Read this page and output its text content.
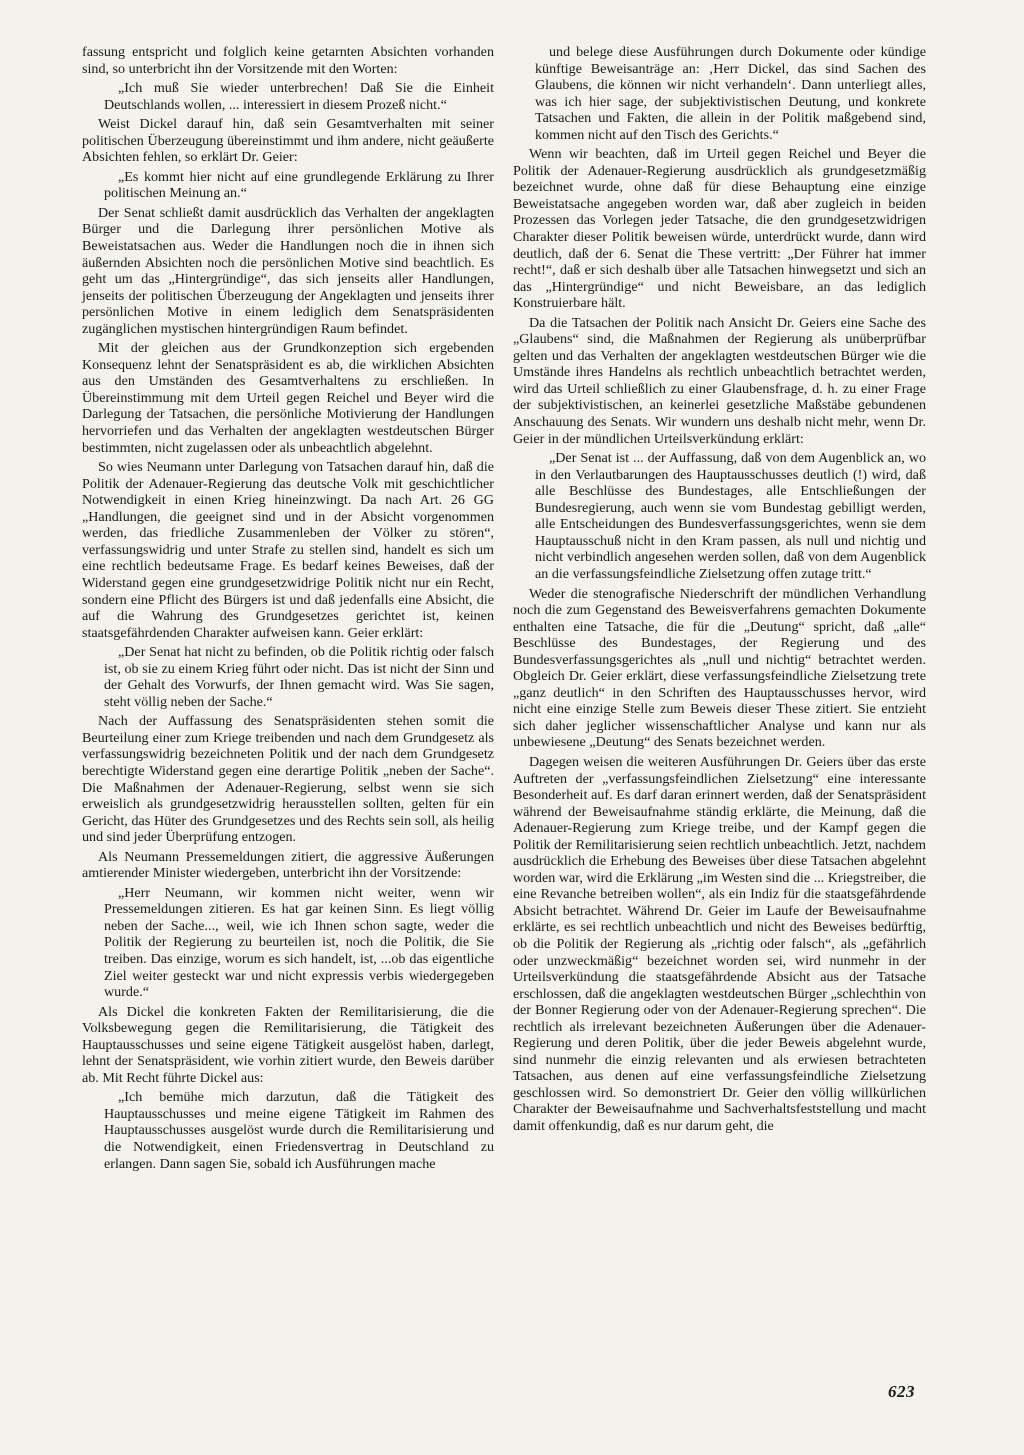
fassung entspricht und folglich keine getarnten Absichten vorhanden sind, so unterbricht ihn der Vorsitzende mit den Worten:

„Ich muß Sie wieder unterbrechen! Daß Sie die Einheit Deutschlands wollen, ... interessiert in diesem Prozeß nicht.“

Weist Dickel darauf hin, daß sein Gesamtverhalten mit seiner politischen Überzeugung übereinstimmt und ihm andere, nicht geäußerte Absichten fehlen, so erklärt Dr. Geier:

„Es kommt hier nicht auf eine grundlegende Erklärung zu Ihrer politischen Meinung an.“

Der Senat schließt damit ausdrücklich das Verhalten der angeklagten Bürger und die Darlegung ihrer persönlichen Motive als Beweistatsachen aus. Weder die Handlungen noch die in ihnen sich äußernden Absichten noch die persönlichen Motive sind beachtlich. Es geht um das „Hintergründige“, das sich jenseits aller Handlungen, jenseits der politischen Überzeugung der Angeklagten und jenseits ihrer persönlichen Motive in einem lediglich dem Senatspräsidenten zugänglichen mystischen hintergründigen Raum befindet.

Mit der gleichen aus der Grundkonzeption sich ergebenden Konsequenz lehnt der Senatspräsident es ab, die wirklichen Absichten aus den Umständen des Gesamtverhaltens zu erschließen. In Übereinstimmung mit dem Urteil gegen Reichel und Beyer wird die Darlegung der Tatsachen, die persönliche Motivierung der Handlungen hervorriefen und das Verhalten der angeklagten westdeutschen Bürger bestimmten, nicht zugelassen oder als unbeachtlich abgelehnt.

So wies Neumann unter Darlegung von Tatsachen darauf hin, daß die Politik der Adenauer-Regierung das deutsche Volk mit geschichtlicher Notwendigkeit in einen Krieg hineinzwingt. Da nach Art. 26 GG „Handlungen, die geeignet sind und in der Absicht vorgenommen werden, das friedliche Zusammenleben der Völker zu stören“, verfassungswidrig und unter Strafe zu stellen sind, handelt es sich um eine rechtlich bedeutsame Frage. Es bedarf keines Beweises, daß der Widerstand gegen eine grundgesetzwidrige Politik nicht nur ein Recht, sondern eine Pflicht des Bürgers ist und daß jedenfalls eine Absicht, die auf die Wahrung des Grundgesetzes gerichtet ist, keinen staatsgefährdenden Charakter aufweisen kann. Geier erklärt:

„Der Senat hat nicht zu befinden, ob die Politik richtig oder falsch ist, ob sie zu einem Krieg führt oder nicht. Das ist nicht der Sinn und der Gehalt des Vorwurfs, der Ihnen gemacht wird. Was Sie sagen, steht völlig neben der Sache.“

Nach der Auffassung des Senatspräsidenten stehen somit die Beurteilung einer zum Kriege treibenden und nach dem Grundgesetz als verfassungswidrig bezeichneten Politik und der nach dem Grundgesetz berechtigte Widerstand gegen eine derartige Politik „neben der Sache“. Die Maßnahmen der Adenauer-Regierung, selbst wenn sie sich erweislich als grundgesetzwidrig herausstellen sollten, gelten für ein Gericht, das Hüter des Grundgesetzes und des Rechts sein soll, als heilig und sind jeder Überprüfung entzogen.

Als Neumann Pressemeldungen zitiert, die aggressive Äußerungen amtierender Minister wiedergeben, unterbricht ihn der Vorsitzende:

„Herr Neumann, wir kommen nicht weiter, wenn wir Pressemeldungen zitieren. Es hat gar keinen Sinn. Es liegt völlig neben der Sache..., weil, wie ich Ihnen schon sagte, weder die Politik der Regierung zu beurteilen ist, noch die Politik, die Sie treiben. Das einzige, worum es sich handelt, ist, ...ob das eigentliche Ziel weiter gesteckt war und nicht expressis verbis wiedergegeben wurde.“

Als Dickel die konkreten Fakten der Remilitarisierung, die die Volksbewegung gegen die Remilitarisierung, die Tätigkeit des Hauptausschusses und seine eigene Tätigkeit ausgelöst haben, darlegt, lehnt der Senatspräsident, wie vorhin zitiert wurde, den Beweis darüber ab. Mit Recht führte Dickel aus:

„Ich bemühe mich darzutun, daß die Tätigkeit des Hauptausschusses und meine eigene Tätigkeit im Rahmen des Hauptausschusses ausgelöst wurde durch die Remilitarisierung und die Notwendigkeit, einen Friedensvertrag in Deutschland zu erlangen. Dann sagen Sie, sobald ich Ausführungen mache

und belege diese Ausführungen durch Dokumente oder kündige künftige Beweisanträge an: ‚Herr Dickel, das sind Sachen des Glaubens, die können wir nicht verhandeln‘. Dann unterliegt alles, was ich hier sage, der subjektivistischen Deutung, und konkrete Tatsachen und Fakten, die allein in der Politik maßgebend sind, kommen nicht auf den Tisch des Gerichts.“

Wenn wir beachten, daß im Urteil gegen Reichel und Beyer die Politik der Adenauer-Regierung ausdrücklich als grundgesetzmäßig bezeichnet wurde, ohne daß für diese Behauptung eine einzige Beweistatsache angegeben worden war, daß aber zugleich in beiden Prozessen das Vorlegen jeder Tatsache, die den grundgesetzwidrigen Charakter dieser Politik beweisen würde, unterdrückt wurde, dann wird deutlich, daß der 6. Senat die These vertritt: „Der Führer hat immer recht!“, daß er sich deshalb über alle Tatsachen hinwegsetzt und sich an das „Hintergründige“ und nicht Beweisbare, an das lediglich Konstruierbare hält.

Da die Tatsachen der Politik nach Ansicht Dr. Geiers eine Sache des „Glaubens“ sind, die Maßnahmen der Regierung als unüberprüfbar gelten und das Verhalten der angeklagten westdeutschen Bürger wie die Umstände ihres Handelns als rechtlich unbeachtlich betrachtet werden, wird das Urteil schließlich zu einer Glaubensfrage, d. h. zu einer Frage der subjektivistischen, an keinerlei gesetzliche Maßstäbe gebundenen Anschauung des Senats. Wir wundern uns deshalb nicht mehr, wenn Dr. Geier in der mündlichen Urteilsverkündung erklärt:

„Der Senat ist ... der Auffassung, daß von dem Augenblick an, wo in den Verlautbarungen des Hauptausschusses deutlich (!) wird, daß alle Beschlüsse des Bundestages, alle Entschließungen der Bundesregierung, auch wenn sie vom Bundestag gebilligt werden, alle Entscheidungen des Bundesverfassungsgerichtes, wenn sie dem Hauptausschuß nicht in den Kram passen, als null und nichtig und nicht verbindlich angesehen werden sollen, daß von dem Augenblick an die verfassungsfeindliche Zielsetzung offen zutage tritt.“

Weder die stenografische Niederschrift der mündlichen Verhandlung noch die zum Gegenstand des Beweisverfahrens gemachten Dokumente enthalten eine Tatsache, die für die „Deutung“ spricht, daß „alle“ Beschlüsse des Bundestages, der Regierung und des Bundesverfassungsgerichtes als „null und nichtig“ betrachtet werden. Obgleich Dr. Geier erklärt, diese verfassungsfeindliche Zielsetzung trete „ganz deutlich“ in den Schriften des Hauptausschusses hervor, wird nicht eine einzige Stelle zum Beweis dieser These zitiert. Sie entzieht sich daher jeglicher wissenschaftlicher Analyse und kann nur als unbewiesene „Deutung“ des Senats bezeichnet werden.

Dagegen weisen die weiteren Ausführungen Dr. Geiers über das erste Auftreten der „verfassungsfeindlichen Zielsetzung“ eine interessante Besonderheit auf. Es darf daran erinnert werden, daß der Senatspräsident während der Beweisaufnahme ständig erklärte, die Meinung, daß die Adenauer-Regierung zum Kriege treibe, und der Kampf gegen die Politik der Remilitarisierung seien rechtlich unbeachtlich. Jetzt, nachdem ausdrücklich die Erhebung des Beweises über diese Tatsachen abgelehnt worden war, wird die Erklärung „im Westen sind die ... Kriegstreiber, die eine Revanche betreiben wollen“, als ein Indiz für die staatsgefährdende Absicht betrachtet. Während Dr. Geier im Laufe der Beweisaufnahme erklärte, es sei rechtlich unbeachtlich und nicht des Beweises bedürftig, ob die Politik der Regierung als „richtig oder falsch“, als „gefährlich oder unzweckmäßig“ bezeichnet worden sei, wird nunmehr in der Urteilsverkündung die staatsgefährdende Absicht aus der Tatsache erschlossen, daß die angeklagten westdeutschen Bürger „schlechthin von der Bonner Regierung oder von der Adenauer-Regierung sprechen“. Die rechtlich als irrelevant bezeichneten Äußerungen über die Adenauer-Regierung und deren Politik, über die jeder Beweis abgelehnt wurde, sind nunmehr die einzig relevanten und als erwiesen betrachteten Tatsachen, aus denen auf eine verfassungsfeindliche Zielsetzung geschlossen wird. So demonstriert Dr. Geier den völlig willkürlichen Charakter der Beweisaufnahme und Sachverhaltsfeststellung und macht damit offenkundig, daß es nur darum geht, die

623
